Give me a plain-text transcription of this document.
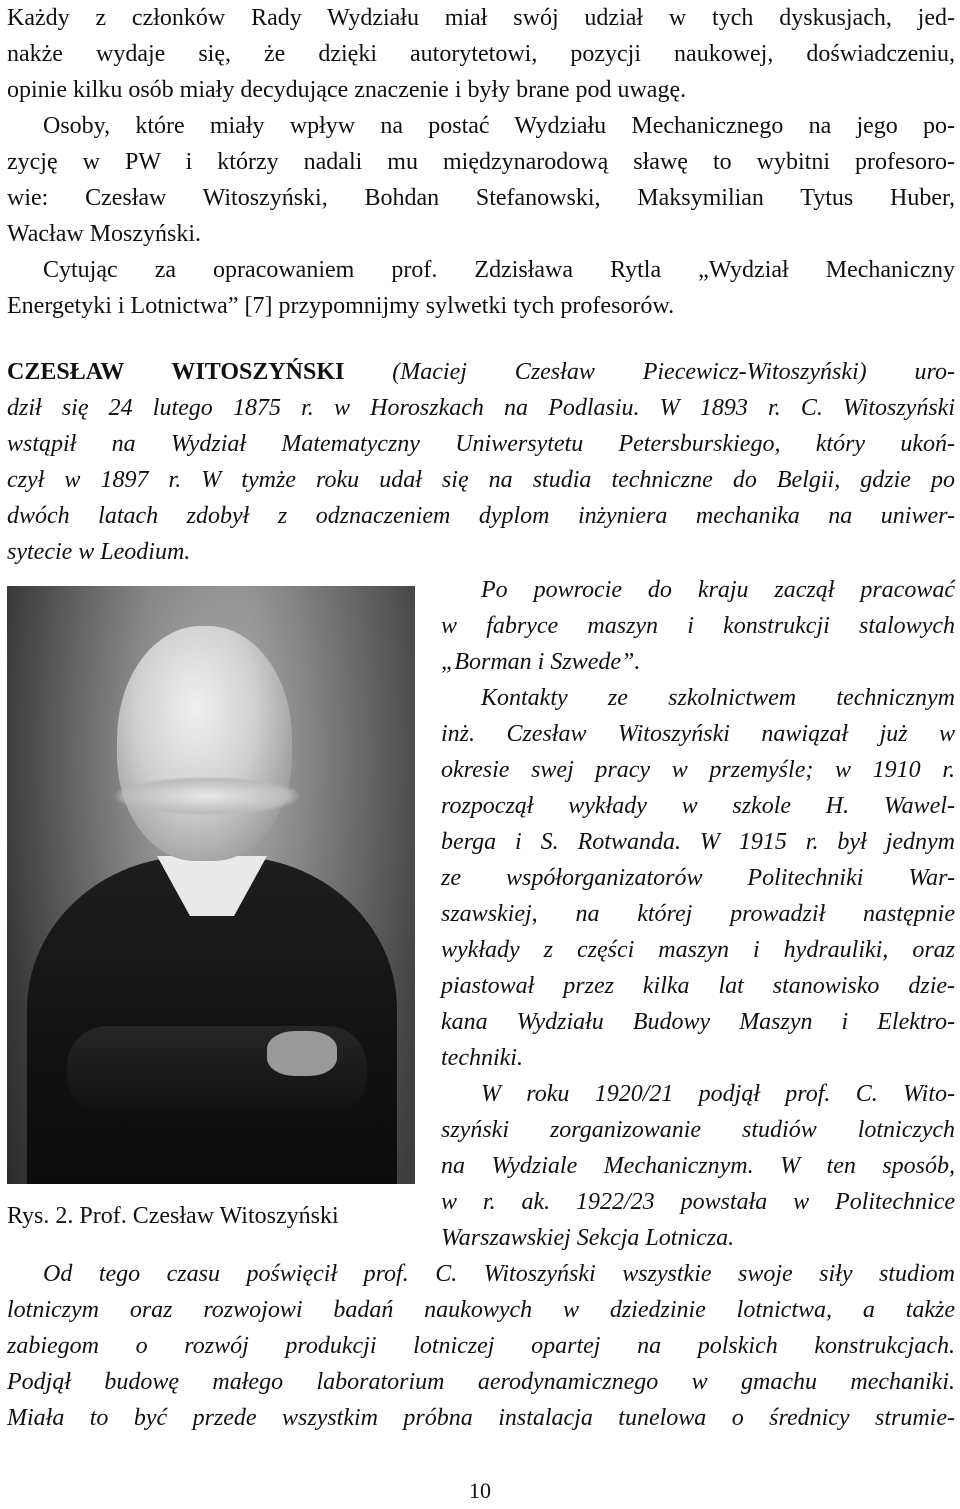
Każdy z członków Rady Wydziału miał swój udział w tych dyskusjach, jed-
nakże wydaje się, że dzięki autorytetowi, pozycji naukowej, doświadczeniu,
opinie kilku osób miały decydujące znaczenie i były brane pod uwagę.
Osoby, które miały wpływ na postać Wydziału Mechanicznego na jego po-
zycję w PW i którzy nadali mu międzynarodową sławę to wybitni profesoro-
wie: Czesław Witoszyński, Bohdan Stefanowski, Maksymilian Tytus Huber,
Wacław Moszyński.
Cytując za opracowaniem prof. Zdzisława Rytla „Wydział Mechaniczny
Energetyki i Lotnictwa” [7] przypomnijmy sylwetki tych profesorów.
CZESŁAW WITOSZYŃSKI (Maciej Czesław Piecewicz-Witoszyński) uro-
dził się 24 lutego 1875 r. w Horoszkach na Podlasiu. W 1893 r. C. Witoszyński
wstąpił na Wydział Matematyczny Uniwersytetu Petersburskiego, który ukoń-
czył w 1897 r. W tymże roku udał się na studia techniczne do Belgii, gdzie po
dwóch latach zdobył z odznaczeniem dyplom inżyniera mechanika na uniwer-
sytecie w Leodium.
Po powrocie do kraju zaczął pracować
w fabryce maszyn i konstrukcji stalowych
„Borman i Szwede”.
Kontakty ze szkolnictwem technicznym
inż. Czesław Witoszyński nawiązał już w
okresie swej pracy w przemyśle; w 1910 r.
rozpoczął wykłady w szkole H. Wawel-
berga i S. Rotwanda. W 1915 r. był jednym
ze współorganizatorów Politechniki War-
szawskiej, na której prowadził następnie
wykłady z części maszyn i hydrauliki, oraz
piastował przez kilka lat stanowisko dzie-
kana Wydziału Budowy Maszyn i Elektro-
techniki.
W roku 1920/21 podjął prof. C. Wito-
szyński zorganizowanie studiów lotniczych
na Wydziale Mechanicznym. W ten sposób,
w r. ak. 1922/23 powstała w Politechnice
Warszawskiej Sekcja Lotnicza.
Rys. 2. Prof. Czesław Witoszyński
Od tego czasu poświęcił prof. C. Witoszyński wszystkie swoje siły studiom
lotniczym oraz rozwojowi badań naukowych w dziedzinie lotnictwa, a także
zabiegom o rozwój produkcji lotniczej opartej na polskich konstrukcjach.
Podjął budowę małego laboratorium aerodynamicznego w gmachu mechaniki.
Miała to być przede wszystkim próbna instalacja tunelowa o średnicy strumie-
10
